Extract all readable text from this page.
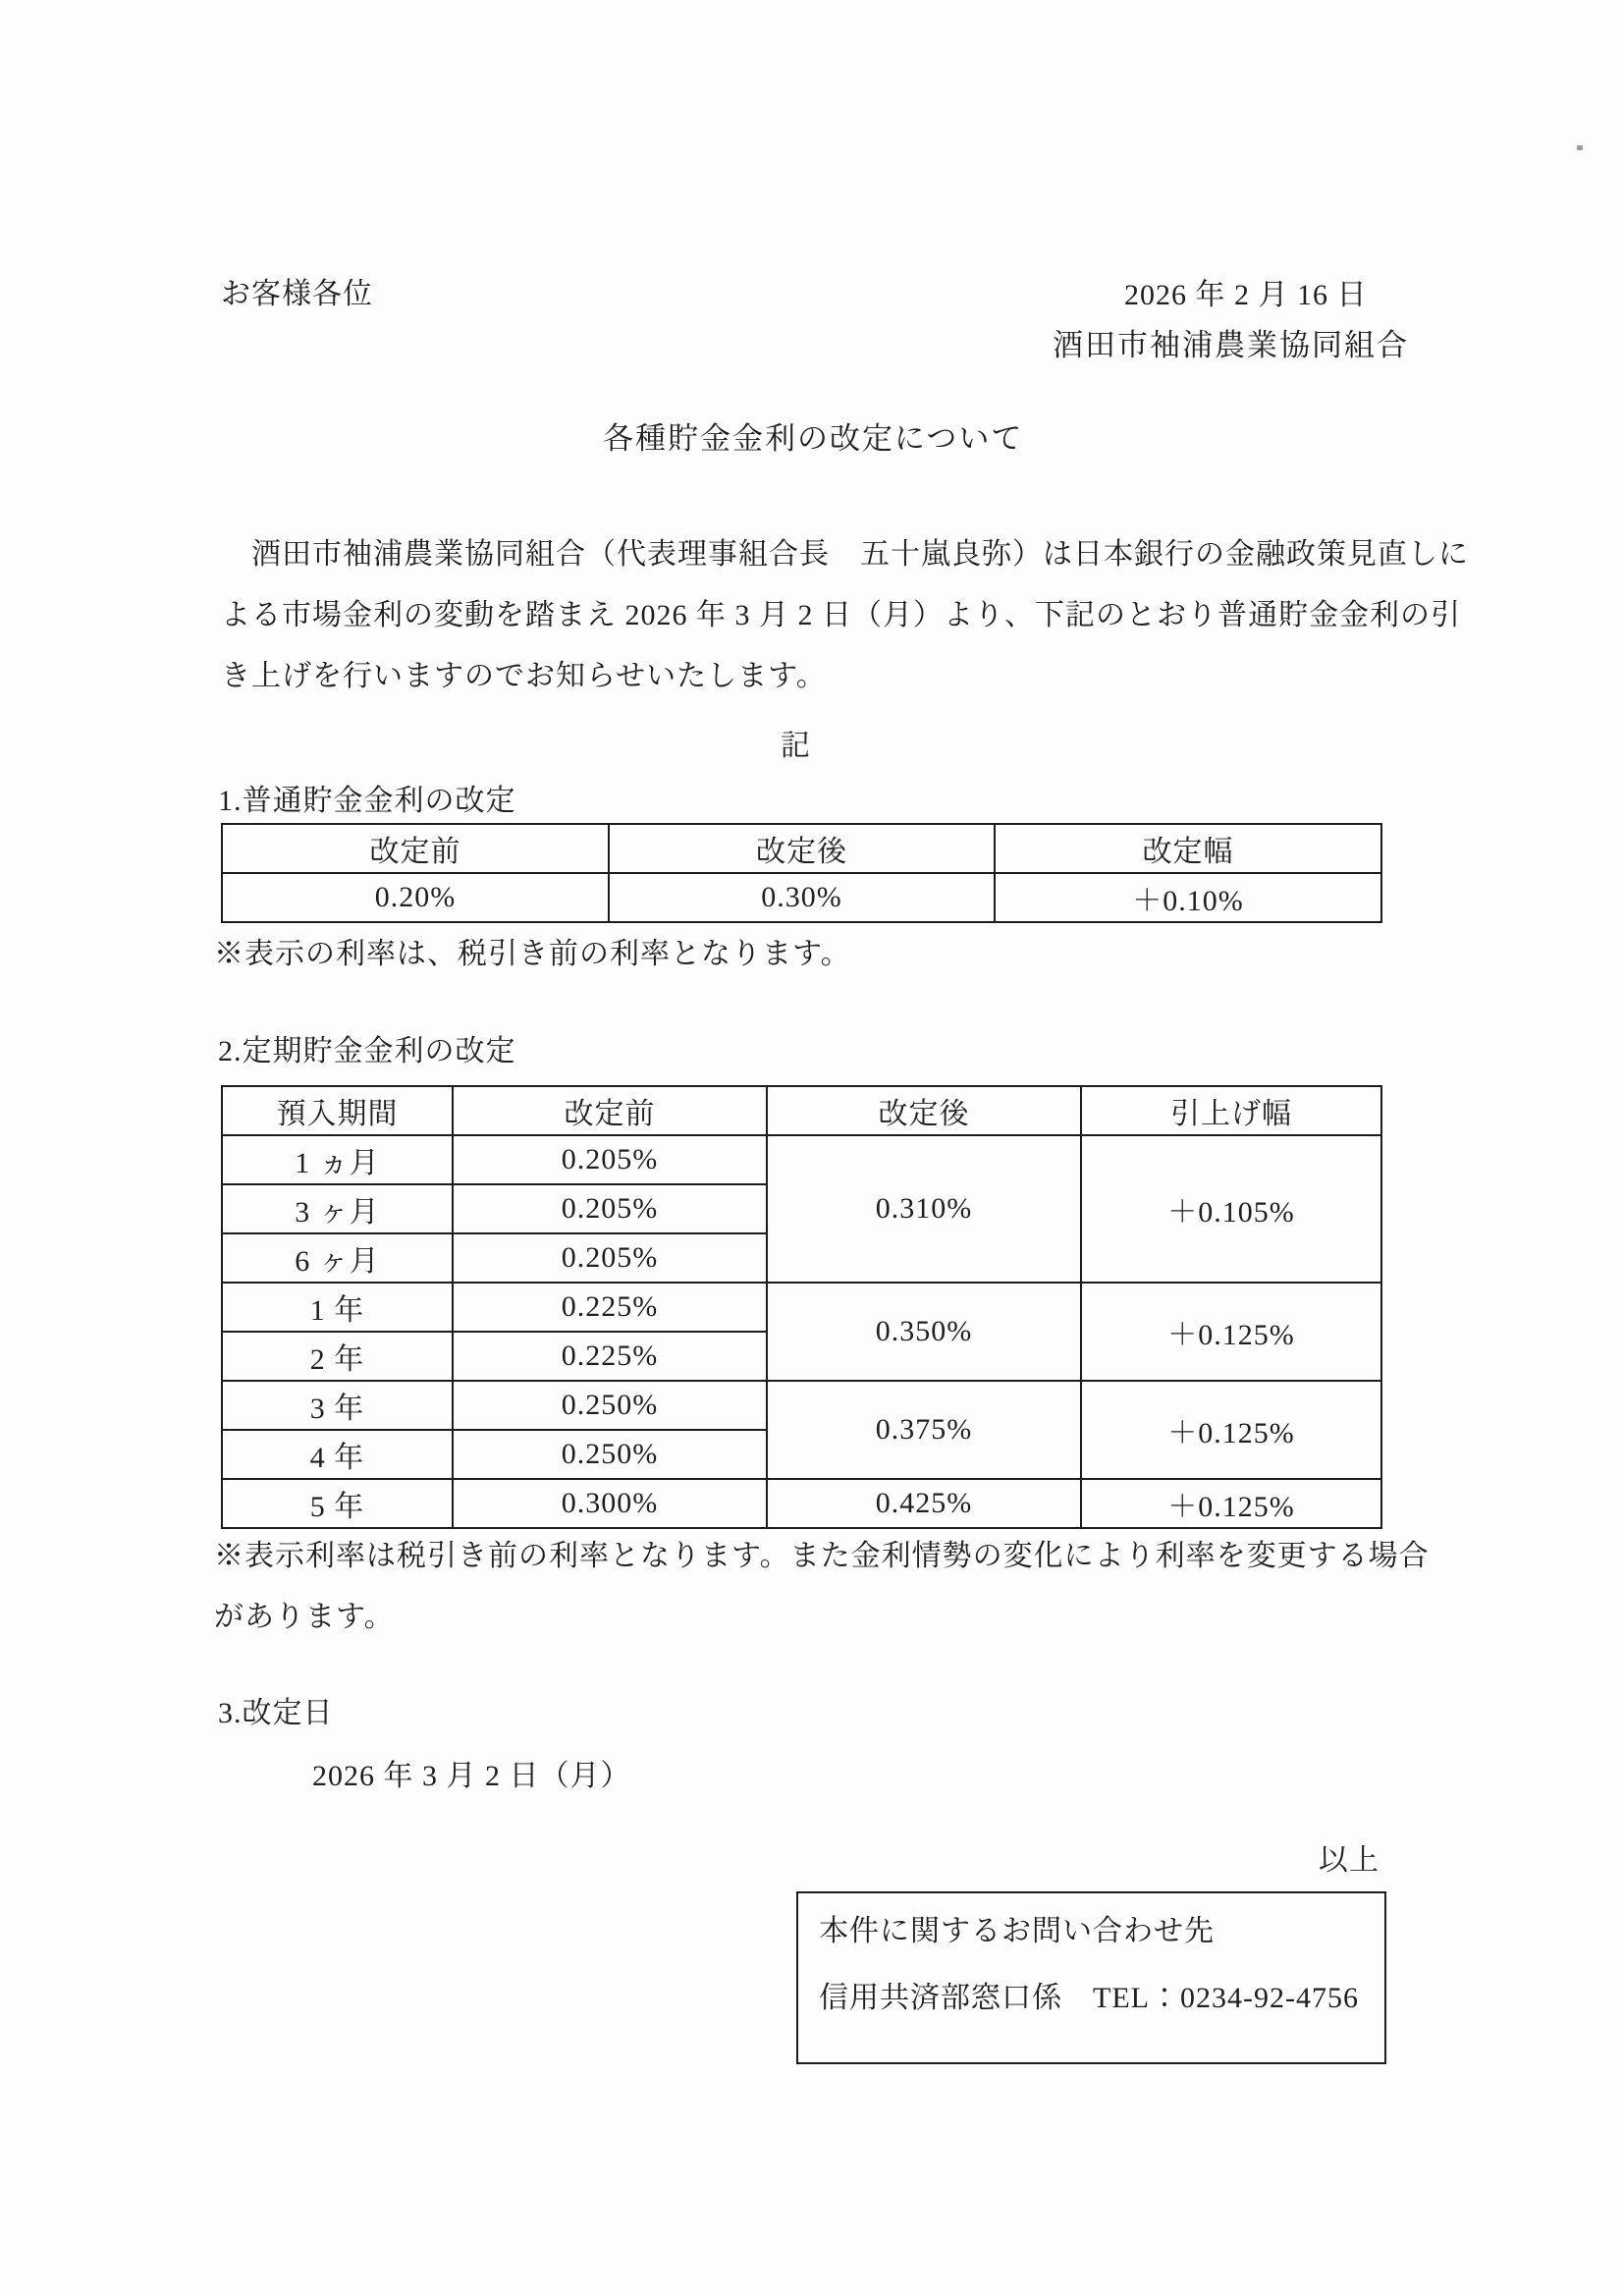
お客様各位	2026 年 2 月 16 日
酒田市袖浦農業協同組合
各種貯金金利の改定について
　酒田市袖浦農業協同組合（代表理事組合長　五十嵐良弥）は日本銀行の金融政策見直しに
よる市場金利の変動を踏まえ 2026 年 3 月 2 日（月）より、下記のとおり普通貯金金利の引
き上げを行いますのでお知らせいたします。
記
1.普通貯金金利の改定
改定前	改定後	改定幅
0.20%	0.30%	＋0.10%
※表示の利率は、税引き前の利率となります。
2.定期貯金金利の改定
預入期間	改定前	改定後	引上げ幅
1 ヵ月	0.205%	0.310%	＋0.105%
3 ヶ月	0.205%		
6 ヶ月	0.205%		
1 年	0.225%	0.350%	＋0.125%
2 年	0.225%		
3 年	0.250%	0.375%	＋0.125%
4 年	0.250%		
5 年	0.300%	0.425%	＋0.125%
※表示利率は税引き前の利率となります。また金利情勢の変化により利率を変更する場合
があります。
3.改定日
2026 年 3 月 2 日（月）
以上
本件に関するお問い合わせ先
信用共済部窓口係　TEL：0234-92-4756
